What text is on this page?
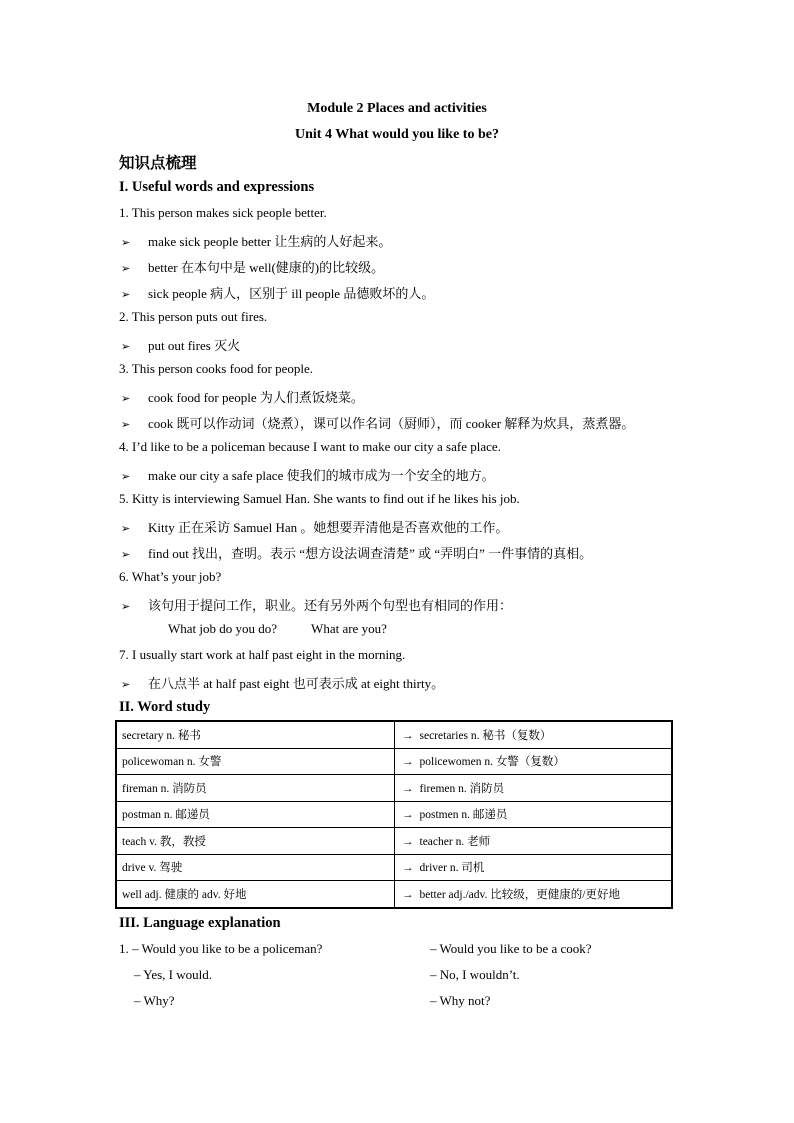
Module 2 Places and activities
Unit 4 What would you like to be?
知识点梳理
I. Useful words and expressions
1. This person makes sick people better.
➢ make sick people better 让生病的人好起来。
➢ better 在本句中是 well(健康的)的比较级。
➢ sick people 病人，区别于 ill people 品德败坏的人。
2. This person puts out fires.
➢ put out fires 灭火
3. This person cooks food for people.
➢ cook food for people 为人们煮饭烧菜。
➢ cook 既可以作动词（烧煮），课可以作名词（厨师），而 cooker 解释为炊具，蒸煮器。
4. I’d like to be a policeman because I want to make our city a safe place.
➢ make our city a safe place 使我们的城市成为一个安全的地方。
5. Kitty is interviewing Samuel Han. She wants to find out if he likes his job.
➢ Kitty 正在采访 Samuel Han 。她想要弄清他是否喜欢他的工作。
➢ find out 找出，查明。表示 “想方设法调查清楚” 或 “弄明白” 一件事情的真相。
6. What’s your job?
➢ 该句用于提问工作，职业。还有另外两个句型也有相同的作用：
What job do you do?	What are you?
7. I usually start work at half past eight in the morning.
➢ 在八点半 at half past eight 也可表示成 at eight thirty。
II. Word study
secretary n. 秘书	→ secretaries n. 秘书（复数）
policewoman n. 女警	→ policewomen n. 女警（复数）
fireman n. 消防员	→ firemen n. 消防员
postman n. 邮递员	→ postmen n. 邮递员
teach v. 教，教授	→ teacher n. 老师
drive v. 驾驶	→ driver n. 司机
well adj. 健康的 adv. 好地	→ better adj./adv. 比较级，更健康的/更好地
III. Language explanation
1. – Would you like to be a policeman?
– Yes, I would.
– Why?
– Would you like to be a cook?
– No, I wouldn’t.
– Why not?
